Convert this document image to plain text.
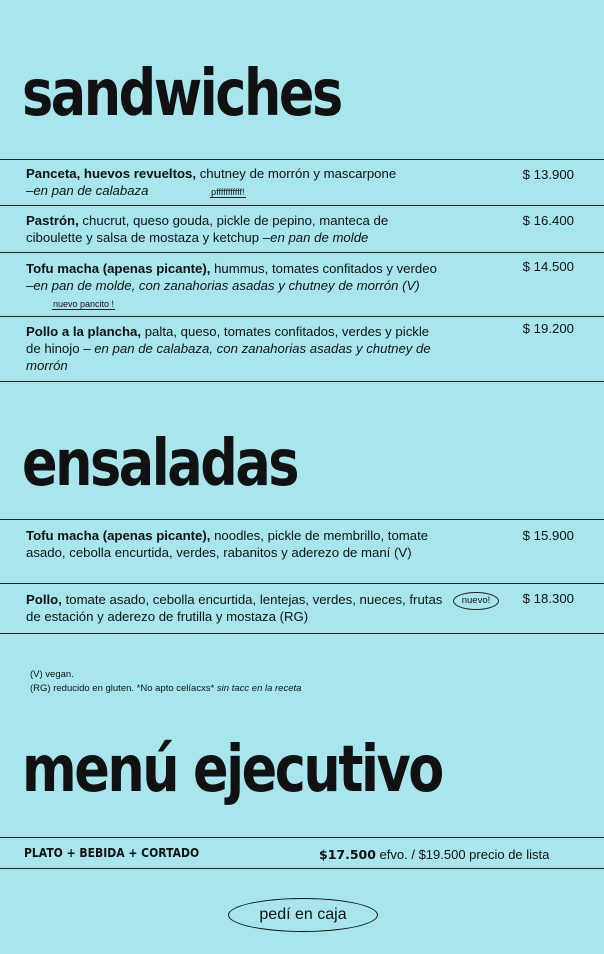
sandwiches
Panceta, huevos revueltos, chutney de morrón y mascarpone
–en pan de calabaza	pfffffffffff!
$ 13.900
Pastrón, chucrut, queso gouda, pickle de pepino, manteca de ciboulette y salsa de mostaza y ketchup –en pan de molde
$ 16.400
Tofu macha (apenas picante), hummus, tomates confitados y verdeo –en pan de molde, con zanahorias asadas y chutney de morrón (V) nuevo pancito !
$ 14.500
Pollo a la plancha, palta, queso, tomates confitados, verdes y pickle de hinojo – en pan de calabaza, con zanahorias asadas y chutney de morrón
$ 19.200
ensaladas
Tofu macha (apenas picante), noodles, pickle de membrillo, tomate asado, cebolla encurtida, verdes, rabanitos y aderezo de maní (V)
$ 15.900
Pollo, tomate asado, cebolla encurtida, lentejas, verdes, nueces, frutas de estación y aderezo de frutilla y mostaza (RG)
nuevo!	$ 18.300
(V) vegan.
(RG) reducido en gluten. *No apto celíacxs* sin tacc en la receta
menú ejecutivo
PLATO + BEBIDA + CORTADO	$17.500 efvo. / $19.500 precio de lista
pedí en caja
